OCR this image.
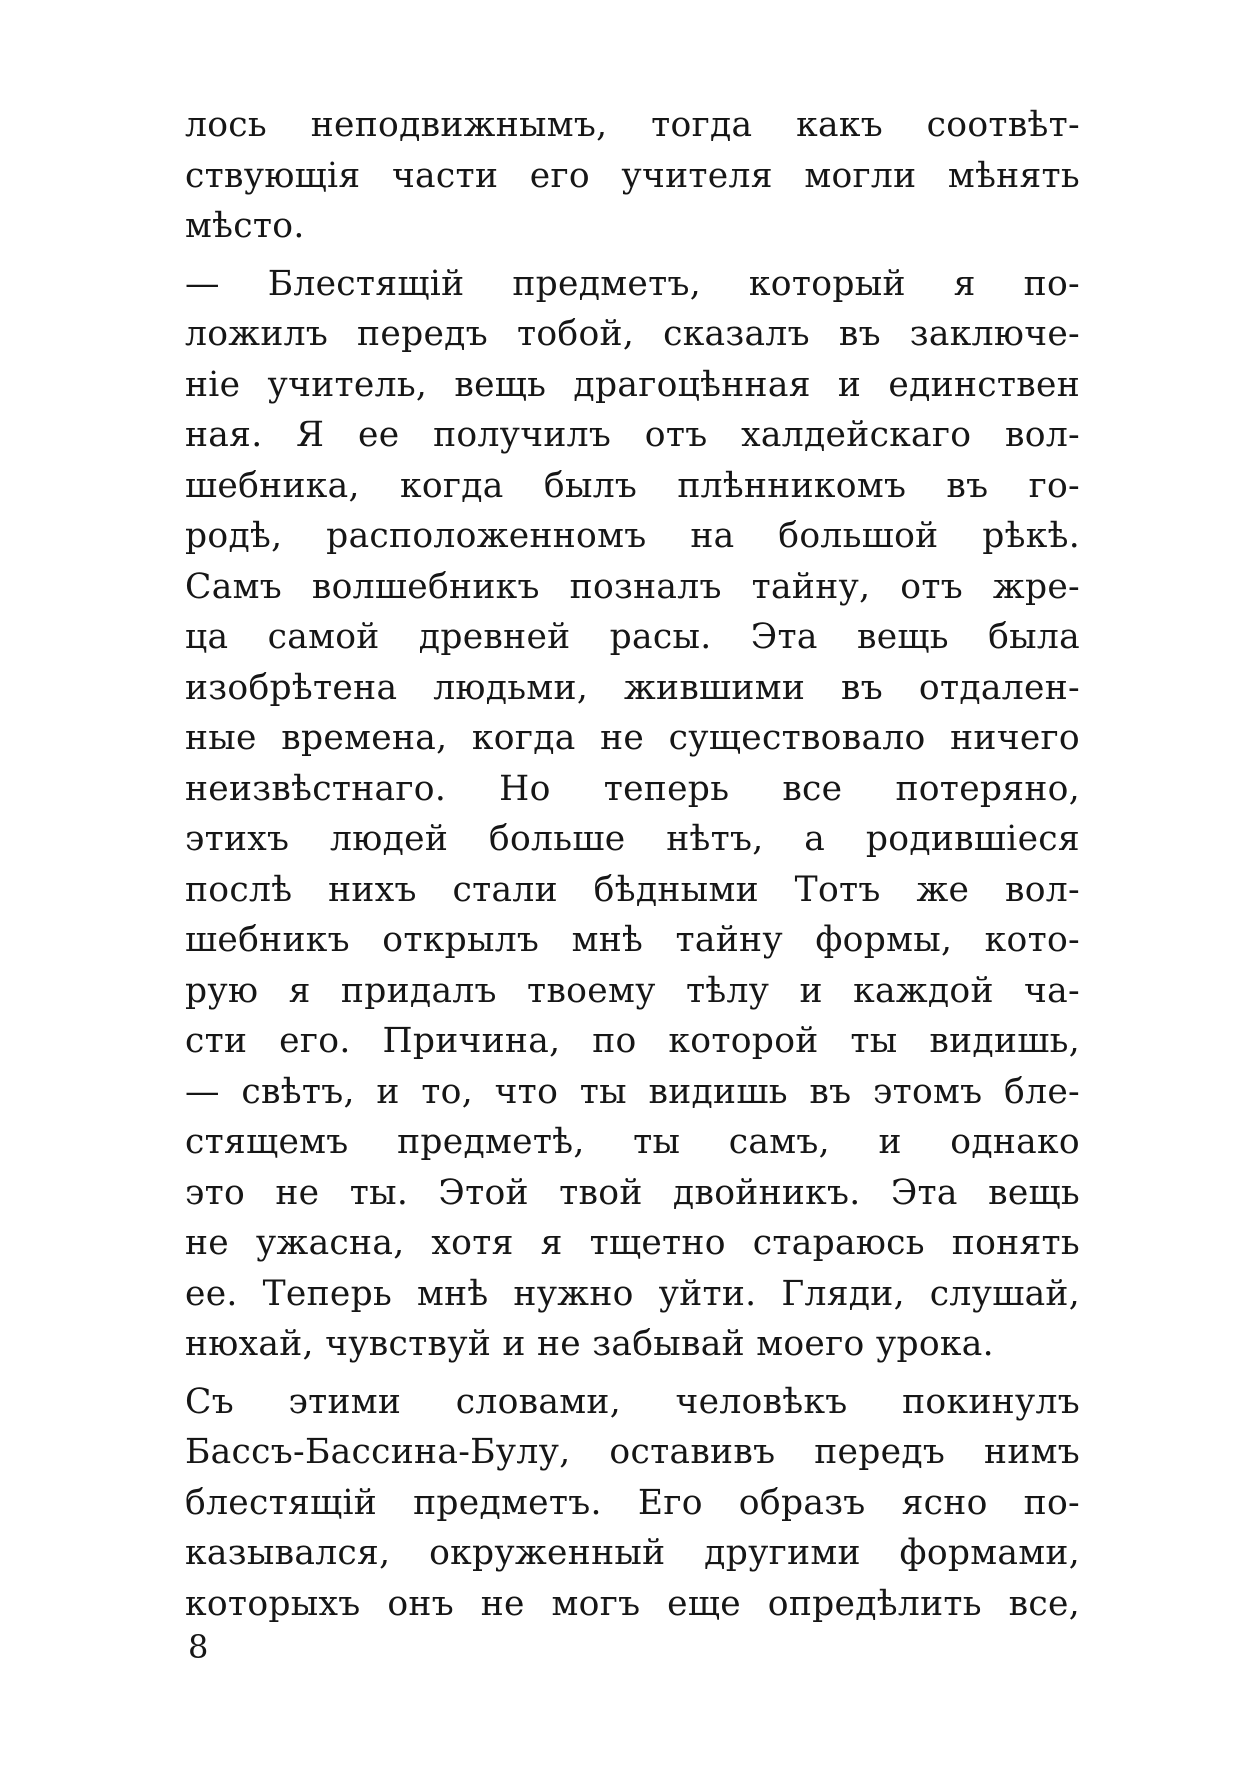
лось неподвижнымъ, тогда какъ соотвѣт-
ствующія части его учителя могли мѣнять
мѣсто.
— Блестящій предметъ, который я по-
ложилъ передъ тобой, сказалъ въ заключе-
ніе учитель, вещь драгоцѣнная и единствен
ная. Я ее получилъ отъ халдейскаго вол-
шебника, когда былъ плѣнникомъ въ го-
родѣ, расположенномъ на большой рѣкѣ.
Самъ волшебникъ позналъ тайну, отъ жре-
ца самой древней расы. Эта вещь была
изобрѣтена людьми, жившими въ отдален-
ные времена, когда не существовало ничего
неизвѣстнаго. Но теперь все потеряно,
этихъ людей больше нѣтъ, а родившіеся
послѣ нихъ стали бѣдными Тотъ же вол-
шебникъ открылъ мнѣ тайну формы, кото-
рую я придалъ твоему тѣлу и каждой ча-
сти его. Причина, по которой ты видишь,
— свѣтъ, и то, что ты видишь въ этомъ бле-
стящемъ предметѣ, ты самъ, и однако
это не ты. Этой твой двойникъ. Эта вещь
не ужасна, хотя я тщетно стараюсь понять
ее. Теперь мнѣ нужно уйти. Гляди, слушай,
нюхай, чувствуй и не забывай моего урока.
Съ этими словами, человѣкъ покинулъ
Бассъ-Бассина-Булу, оставивъ передъ нимъ
блестящій предметъ. Его образъ ясно по-
казывался, окруженный другими формами,
которыхъ онъ не могъ еще опредѣлить все,
8
